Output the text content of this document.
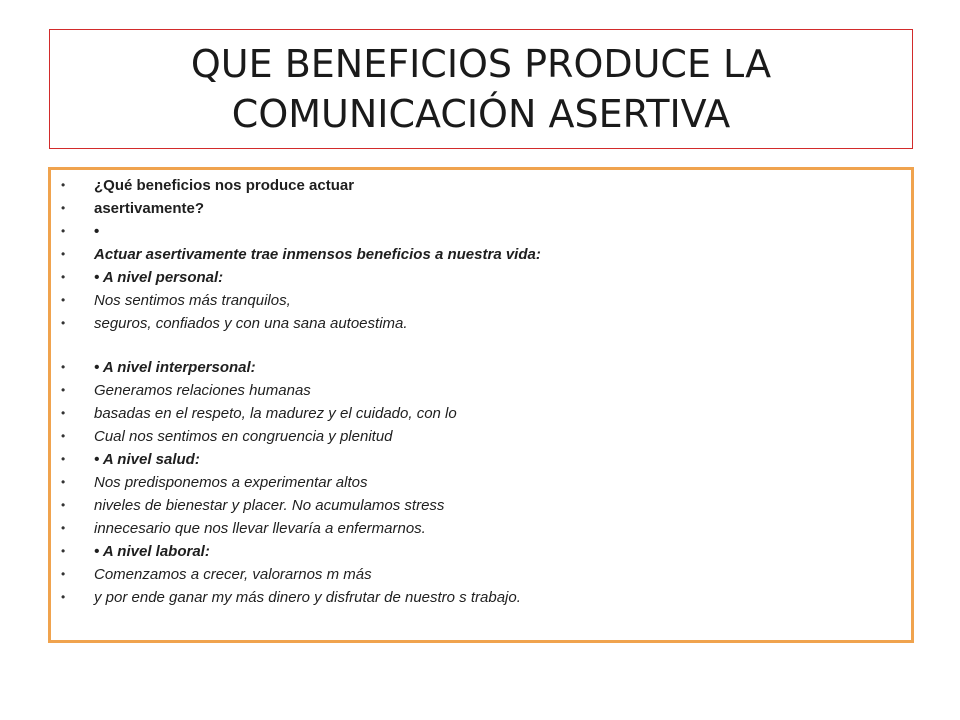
QUE BENEFICIOS PRODUCE LA
COMUNICACIÓN ASERTIVA
• ¿Qué beneficios nos produce actuar
• asertivamente?
• •
• Actuar asertivamente trae inmensos beneficios a nuestra vida:
• • A nivel personal:
• Nos sentimos más tranquilos,
• seguros, confiados y con una sana autoestima.
• • A nivel interpersonal:
• Generamos relaciones humanas
• basadas en el respeto, la madurez y el cuidado, con lo
• Cual nos sentimos en congruencia y plenitud
• • A nivel salud:
• Nos predisponemos a experimentar altos
• niveles de bienestar y placer. No acumulamos stress
• innecesario que nos llevar llevaría a enfermarnos.
• • A nivel laboral:
• Comenzamos a crecer, valorarnos m más
• y por ende ganar my más dinero y disfrutar de nuestro s trabajo.
